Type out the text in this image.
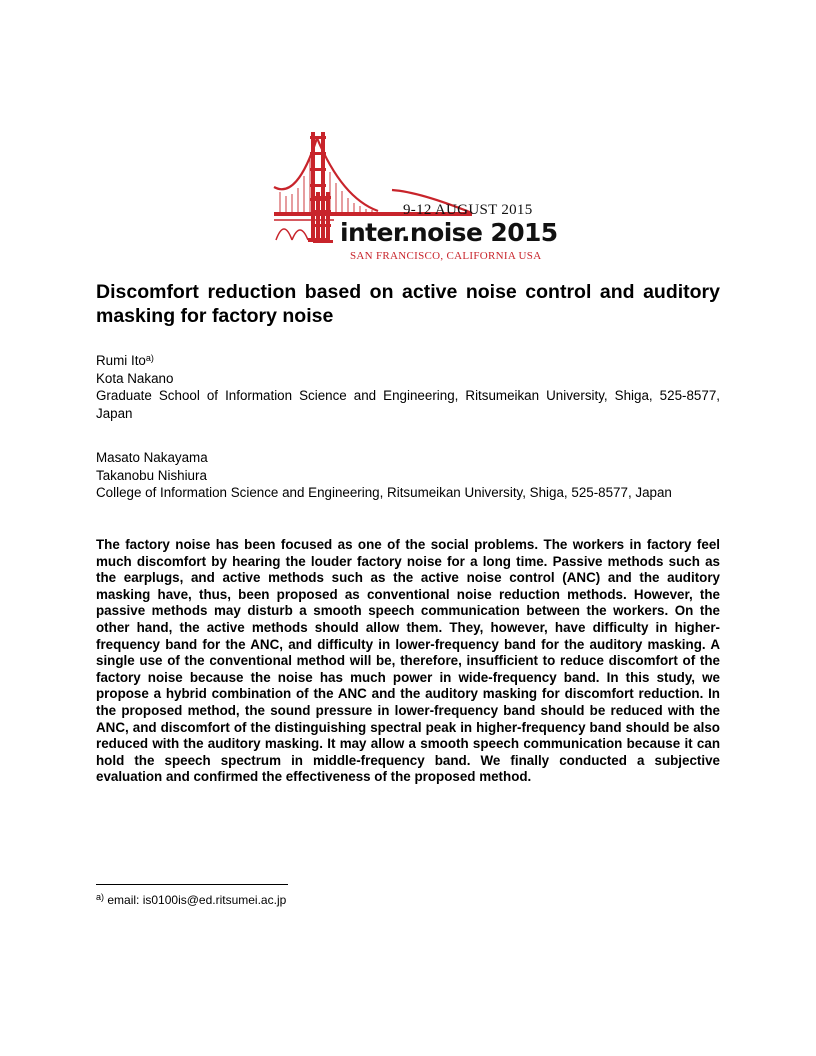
9-12 AUGUST 2015
inter.noise 2015
SAN FRANCISCO, CALIFORNIA USA
Discomfort reduction based on active noise control and auditory masking for factory noise

Rumi Ito$^{a)}$

Kota Nakano

Graduate School of Information Science and Engineering, Ritsumeikan University, Shiga, 525-8577, Japan

Masato Nakayama

Takanobu Nishiura

College of Information Science and Engineering, Ritsumeikan University, Shiga, 525-8577, Japan

The factory noise has been focused as one of the social problems. The workers in factory feel much discomfort by hearing the louder factory noise for a long time. Passive methods such as the earplugs, and active methods such as the active noise control (ANC) and the auditory masking have, thus, been proposed as conventional noise reduction methods. However, the passive methods may disturb a smooth speech communication between the workers. On the other hand, the active methods should allow them. They, however, have difficulty in higher-frequency band for the ANC, and difficulty in lower-frequency band for the auditory masking. A single use of the conventional method will be, therefore, insufficient to reduce discomfort of the factory noise because the noise has much power in wide-frequency band. In this study, we propose a hybrid combination of the ANC and the auditory masking for discomfort reduction. In the proposed method, the sound pressure in lower-frequency band should be reduced with the ANC, and discomfort of the distinguishing spectral peak in higher-frequency band should be also reduced with the auditory masking. It may allow a smooth speech communication because it can hold the speech spectrum in middle-frequency band. We finally conducted a subjective evaluation and confirmed the effectiveness of the proposed method.

$^{a)}$ email: is0100is@ed.ritsumei.ac.jp
